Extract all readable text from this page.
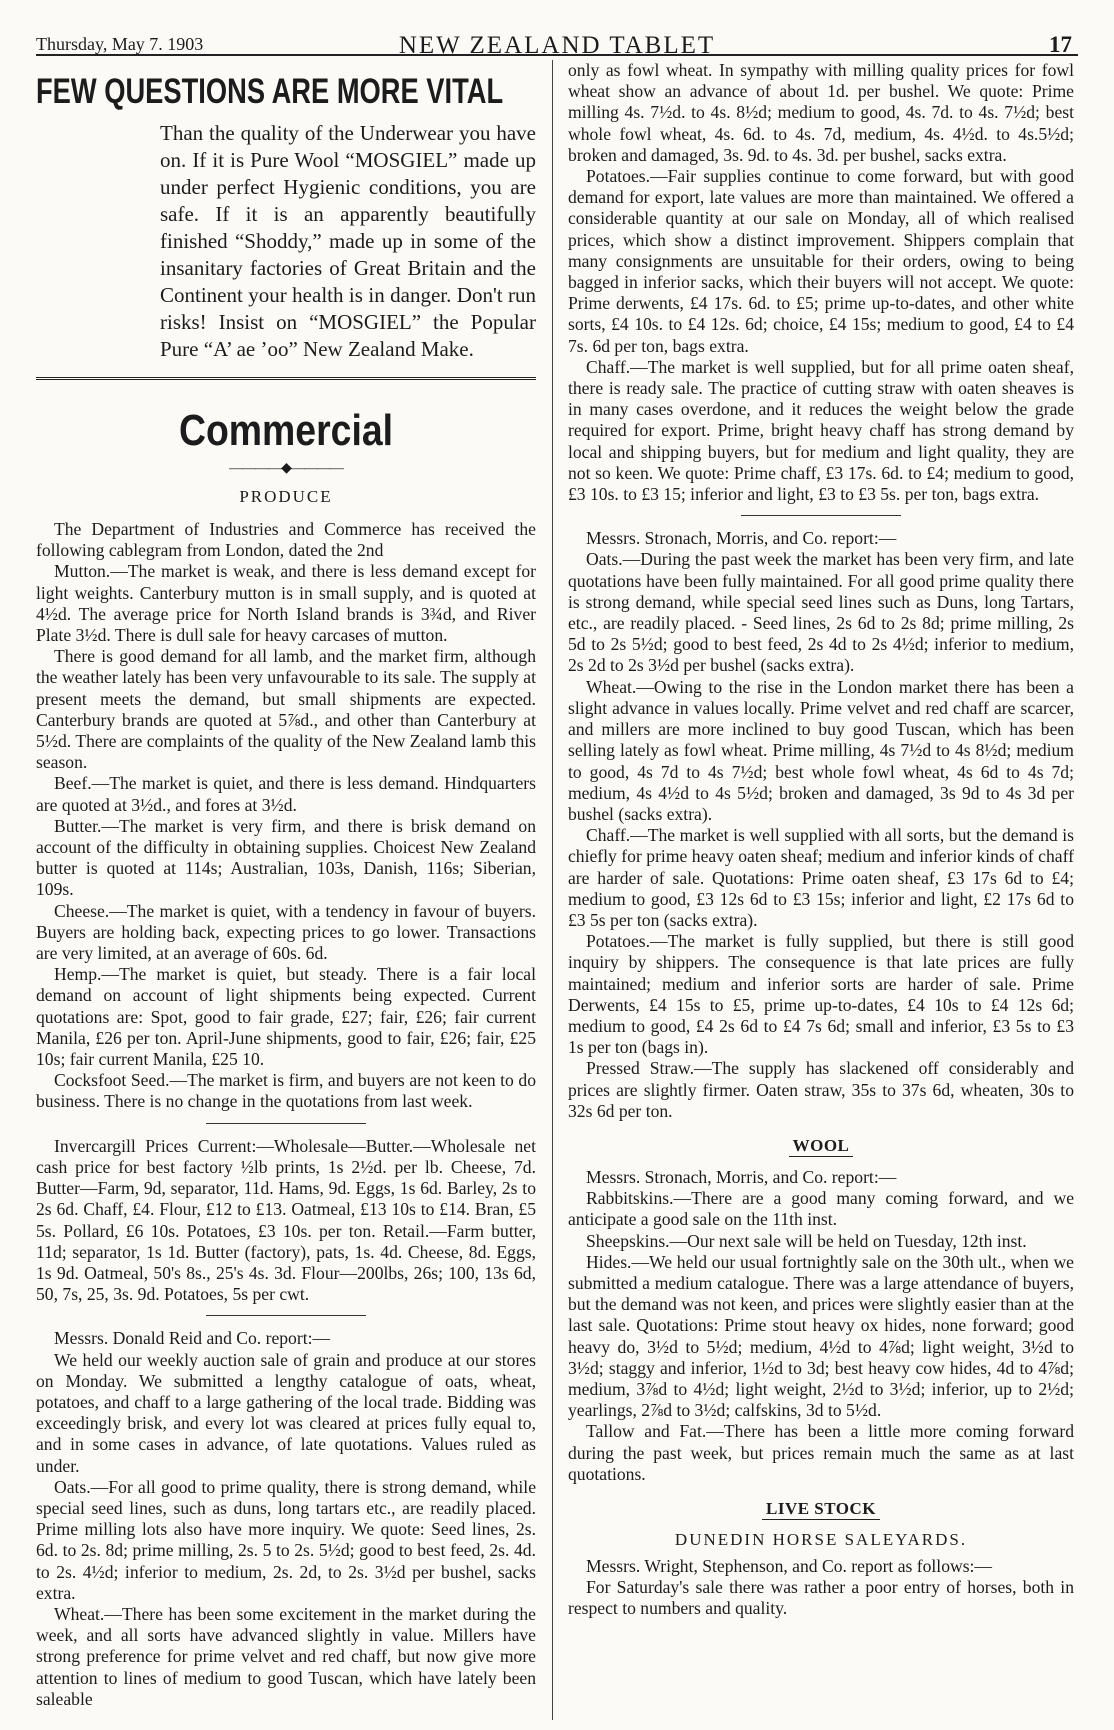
Thursday, May 7. 1903	NEW ZEALAND TABLET	17
FEW QUESTIONS ARE MORE VITAL
Than the quality of the Underwear you have on. If it is Pure Wool “MOSGIEL” made up under perfect Hygienic conditions, you are safe. If it is an apparently beautifully finished “Shoddy,” made up in some of the insanitary factories of Great Britain and the Continent your health is in danger. Don't run risks! Insist on “MOSGIEL” the Popular Pure “A’ ae ’oo” New Zealand Make.
Commercial
————◆————
PRODUCE

The Department of Industries and Commerce has received the following cablegram from London, dated the 2nd

Mutton.—The market is weak, and there is less demand except for light weights. Canterbury mutton is in small supply, and is quoted at 4½d. The average price for North Island brands is 3¾d, and River Plate 3½d. There is dull sale for heavy carcases of mutton.

There is good demand for all lamb, and the market firm, although the weather lately has been very unfavourable to its sale. The supply at present meets the demand, but small shipments are expected. Canterbury brands are quoted at 5⅞d., and other than Canterbury at 5½d. There are complaints of the quality of the New Zealand lamb this season.

Beef.—The market is quiet, and there is less demand. Hindquarters are quoted at 3½d., and fores at 3½d.

Butter.—The market is very firm, and there is brisk demand on account of the difficulty in obtaining supplies. Choicest New Zealand butter is quoted at 114s; Australian, 103s, Danish, 116s; Siberian, 109s.

Cheese.—The market is quiet, with a tendency in favour of buyers. Buyers are holding back, expecting prices to go lower. Transactions are very limited, at an average of 60s. 6d.

Hemp.—The market is quiet, but steady. There is a fair local demand on account of light shipments being expected. Current quotations are: Spot, good to fair grade, £27; fair, £26; fair current Manila, £26 per ton. April-June shipments, good to fair, £26; fair, £25 10s; fair current Manila, £25 10.

Cocksfoot Seed.—The market is firm, and buyers are not keen to do business. There is no change in the quotations from last week.

Invercargill Prices Current:—Wholesale—Butter.—Wholesale net cash price for best factory ½lb prints, 1s 2½d. per lb. Cheese, 7d. Butter—Farm, 9d, separator, 11d. Hams, 9d. Eggs, 1s 6d. Barley, 2s to 2s 6d. Chaff, £4. Flour, £12 to £13. Oatmeal, £13 10s to £14. Bran, £5 5s. Pollard, £6 10s. Potatoes, £3 10s. per ton. Retail.—Farm butter, 11d; separator, 1s 1d. Butter (factory), pats, 1s. 4d. Cheese, 8d. Eggs, 1s 9d. Oatmeal, 50's 8s., 25's 4s. 3d. Flour—200lbs, 26s; 100, 13s 6d, 50, 7s, 25, 3s. 9d. Potatoes, 5s per cwt.

Messrs. Donald Reid and Co. report:—

We held our weekly auction sale of grain and produce at our stores on Monday. We submitted a lengthy catalogue of oats, wheat, potatoes, and chaff to a large gathering of the local trade. Bidding was exceedingly brisk, and every lot was cleared at prices fully equal to, and in some cases in advance, of late quotations. Values ruled as under.

Oats.—For all good to prime quality, there is strong demand, while special seed lines, such as duns, long tartars etc., are readily placed. Prime milling lots also have more inquiry. We quote: Seed lines, 2s. 6d. to 2s. 8d; prime milling, 2s. 5 to 2s. 5½d; good to best feed, 2s. 4d. to 2s. 4½d; inferior to medium, 2s. 2d, to 2s. 3½d per bushel, sacks extra.

Wheat.—There has been some excitement in the market during the week, and all sorts have advanced slightly in value. Millers have strong preference for prime velvet and red chaff, but now give more attention to lines of medium to good Tuscan, which have lately been saleable

only as fowl wheat. In sympathy with milling quality prices for fowl wheat show an advance of about 1d. per bushel. We quote: Prime milling 4s. 7½d. to 4s. 8½d; medium to good, 4s. 7d. to 4s. 7½d; best whole fowl wheat, 4s. 6d. to 4s. 7d, medium, 4s. 4½d. to 4s.5½d; broken and damaged, 3s. 9d. to 4s. 3d. per bushel, sacks extra.

Potatoes.—Fair supplies continue to come forward, but with good demand for export, late values are more than maintained. We offered a considerable quantity at our sale on Monday, all of which realised prices, which show a distinct improvement. Shippers complain that many consignments are unsuitable for their orders, owing to being bagged in inferior sacks, which their buyers will not accept. We quote: Prime derwents, £4 17s. 6d. to £5; prime up-to-dates, and other white sorts, £4 10s. to £4 12s. 6d; choice, £4 15s; medium to good, £4 to £4 7s. 6d per ton, bags extra.

Chaff.—The market is well supplied, but for all prime oaten sheaf, there is ready sale. The practice of cutting straw with oaten sheaves is in many cases overdone, and it reduces the weight below the grade required for export. Prime, bright heavy chaff has strong demand by local and shipping buyers, but for medium and light quality, they are not so keen. We quote: Prime chaff, £3 17s. 6d. to £4; medium to good, £3 10s. to £3 15; inferior and light, £3 to £3 5s. per ton, bags extra.

Messrs. Stronach, Morris, and Co. report:—

Oats.—During the past week the market has been very firm, and late quotations have been fully maintained. For all good prime quality there is strong demand, while special seed lines such as Duns, long Tartars, etc., are readily placed. - Seed lines, 2s 6d to 2s 8d; prime milling, 2s 5d to 2s 5½d; good to best feed, 2s 4d to 2s 4½d; inferior to medium, 2s 2d to 2s 3½d per bushel (sacks extra).

Wheat.—Owing to the rise in the London market there has been a slight advance in values locally. Prime velvet and red chaff are scarcer, and millers are more inclined to buy good Tuscan, which has been selling lately as fowl wheat. Prime milling, 4s 7½d to 4s 8½d; medium to good, 4s 7d to 4s 7½d; best whole fowl wheat, 4s 6d to 4s 7d; medium, 4s 4½d to 4s 5½d; broken and damaged, 3s 9d to 4s 3d per bushel (sacks extra).

Chaff.—The market is well supplied with all sorts, but the demand is chiefly for prime heavy oaten sheaf; medium and inferior kinds of chaff are harder of sale. Quotations: Prime oaten sheaf, £3 17s 6d to £4; medium to good, £3 12s 6d to £3 15s; inferior and light, £2 17s 6d to £3 5s per ton (sacks extra).

Potatoes.—The market is fully supplied, but there is still good inquiry by shippers. The consequence is that late prices are fully maintained; medium and inferior sorts are harder of sale. Prime Derwents, £4 15s to £5, prime up-to-dates, £4 10s to £4 12s 6d; medium to good, £4 2s 6d to £4 7s 6d; small and inferior, £3 5s to £3 1s per ton (bags in).

Pressed Straw.—The supply has slackened off considerably and prices are slightly firmer. Oaten straw, 35s to 37s 6d, wheaten, 30s to 32s 6d per ton.

WOOL

Messrs. Stronach, Morris, and Co. report:—

Rabbitskins.—There are a good many coming forward, and we anticipate a good sale on the 11th inst.

Sheepskins.—Our next sale will be held on Tuesday, 12th inst.

Hides.—We held our usual fortnightly sale on the 30th ult., when we submitted a medium catalogue. There was a large attendance of buyers, but the demand was not keen, and prices were slightly easier than at the last sale. Quotations: Prime stout heavy ox hides, none forward; good heavy do, 3½d to 5½d; medium, 4½d to 4⅞d; light weight, 3½d to 3½d; staggy and inferior, 1½d to 3d; best heavy cow hides, 4d to 4⅞d; medium, 3⅞d to 4½d; light weight, 2½d to 3½d; inferior, up to 2½d; yearlings, 2⅞d to 3½d; calfskins, 3d to 5½d.

Tallow and Fat.—There has been a little more coming forward during the past week, but prices remain much the same as at last quotations.

LIVE STOCK
DUNEDIN HORSE SALEYARDS.

Messrs. Wright, Stephenson, and Co. report as follows:—

For Saturday's sale there was rather a poor entry of horses, both in respect to numbers and quality.
